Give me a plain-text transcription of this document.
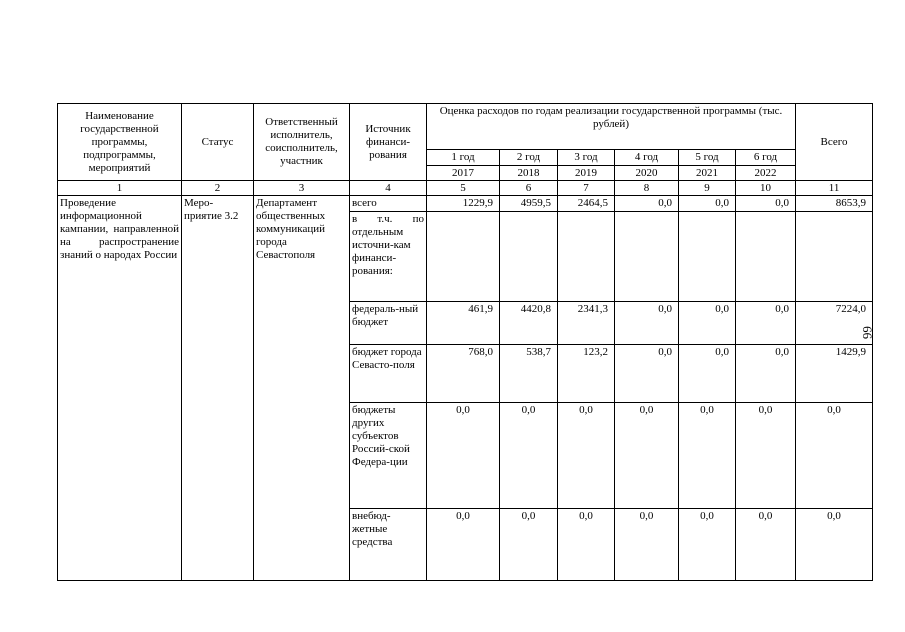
Наименование государственной программы, подпрограммы, мероприятий	Статус	Ответственный исполнитель, соисполнитель, участник	Источник финанси-рования	Оценка расходов по годам реализации государственной программы (тыс. рублей)						Всего
				1 год	2 год	3 год	4 год	5 год	6 год	
				2017	2018	2019	2020	2021	2022	
1	2	3	4	5	6	7	8	9	10	11
Проведение информационной кампании, направленной на распространение знаний о народах России	Меро-приятие 3.2	Департамент общественных коммуникаций города Севастополя	всего	1229,9	4959,5	2464,5	0,0	0,0	0,0	8653,9
			в т.ч. по отдельным источни-кам финанси-рования:							
			федераль-ный бюджет	461,9	4420,8	2341,3	0,0	0,0	0,0	7224,0
			бюджет города Севасто-поля	768,0	538,7	123,2	0,0	0,0	0,0	1429,9
			бюджеты других субъектов Россий-ской Федера-ции	0,0	0,0	0,0	0,0	0,0	0,0	0,0
			внебюд-жетные средства	0,0	0,0	0,0	0,0	0,0	0,0	0,0
66
